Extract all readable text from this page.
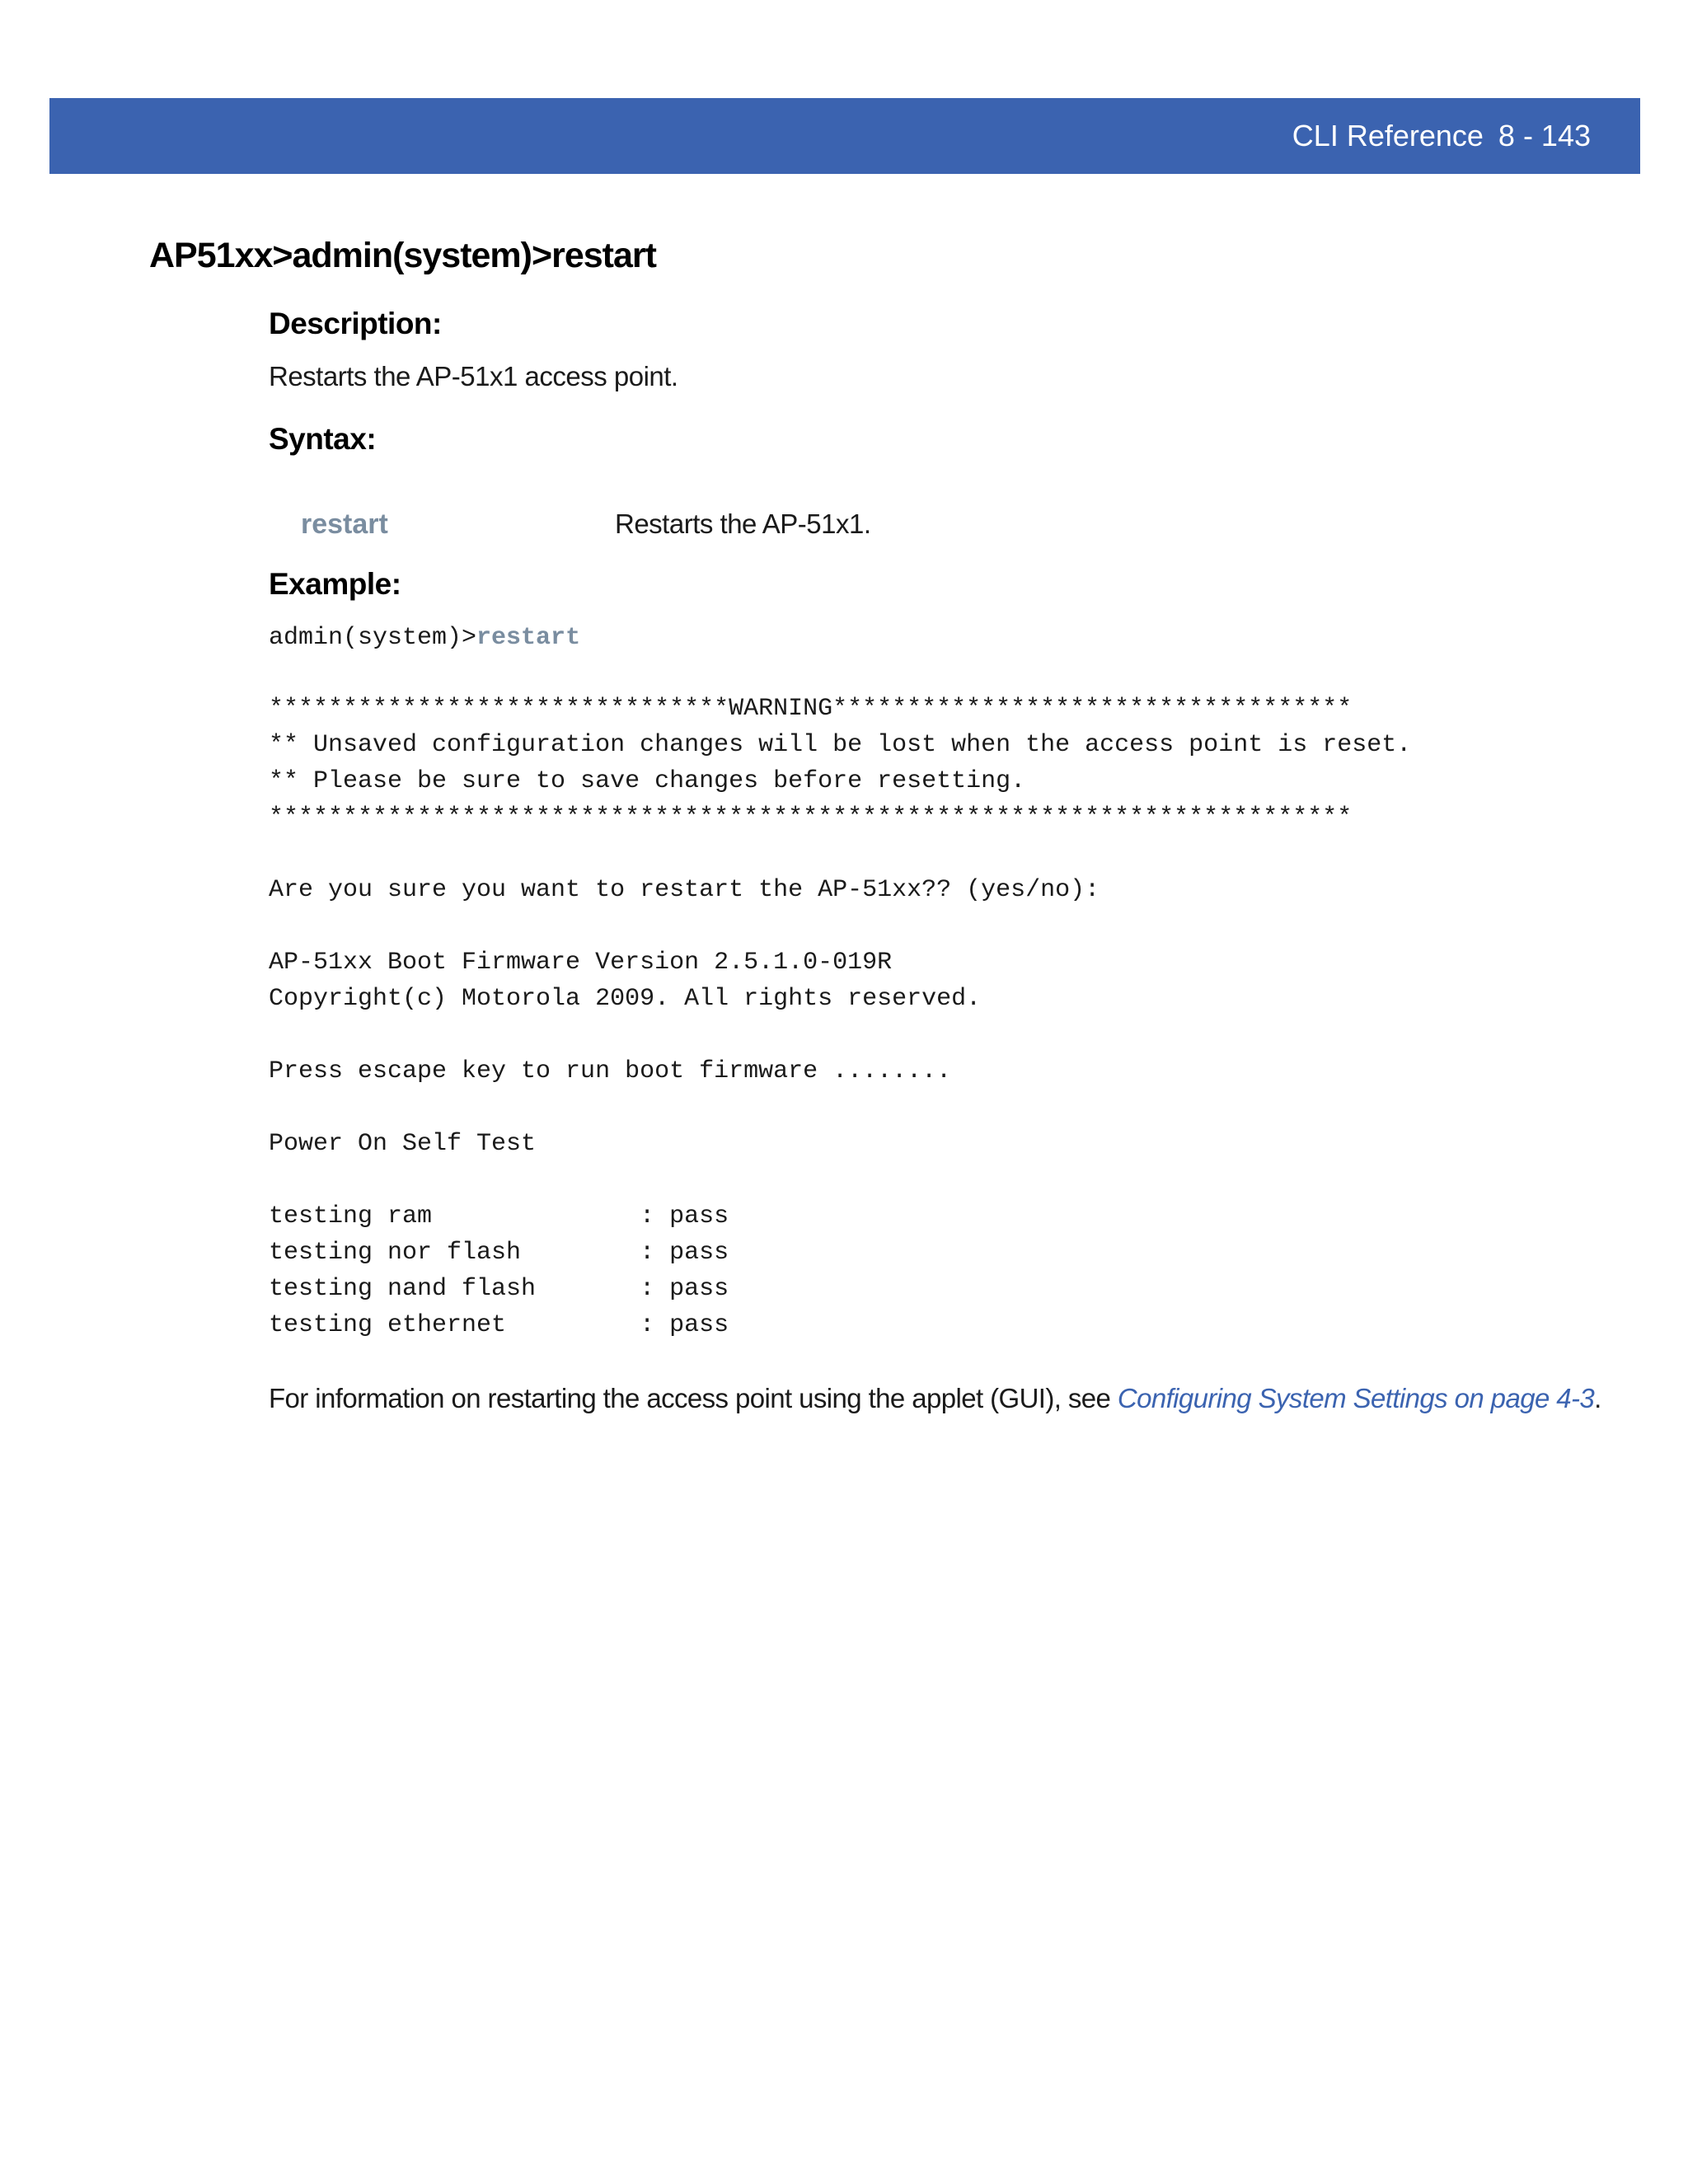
CLI Reference 8 - 143
AP51xx>admin(system)>restart
Description:
Restarts the AP-51x1 access point.
Syntax:
restart	Restarts the AP-51x1.
Example:
admin(system)>restart
*******************************WARNING***********************************
** Unsaved configuration changes will be lost when the access point is reset.
** Please be sure to save changes before resetting.
*************************************************************************

Are you sure you want to restart the AP-51xx?? (yes/no):

AP-51xx Boot Firmware Version 2.5.1.0-019R
Copyright(c) Motorola 2009. All rights reserved.

Press escape key to run boot firmware ........

Power On Self Test

testing ram              : pass
testing nor flash        : pass
testing nand flash       : pass
testing ethernet         : pass
For information on restarting the access point using the applet (GUI), see Configuring System Settings on page 4-3.
